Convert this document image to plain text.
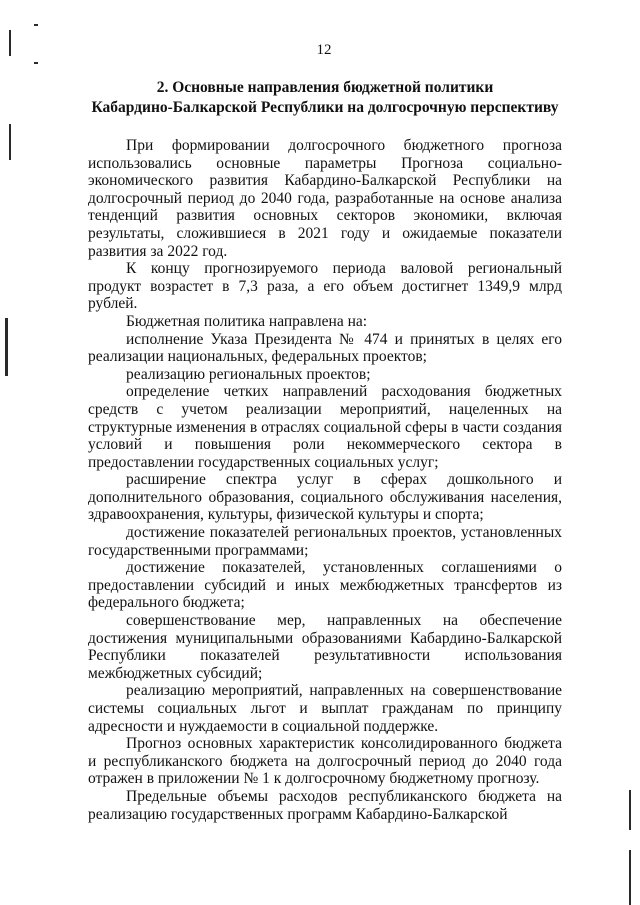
12
2. Основные направления бюджетной политики
Кабардино-Балкарской Республики на долгосрочную перспективу

При формировании долгосрочного бюджетного прогноза использовались основные параметры Прогноза социально-экономического развития Кабардино-Балкарской Республики на долгосрочный период до 2040 года, разработанные на основе анализа тенденций развития основных секторов экономики, включая результаты, сложившиеся в 2021 году и ожидаемые показатели развития за 2022 год.

К концу прогнозируемого периода валовой региональный продукт возрастет в 7,3 раза, а его объем достигнет 1349,9 млрд рублей.

Бюджетная политика направлена на:

исполнение Указа Президента № 474 и принятых в целях его реализации национальных, федеральных проектов;

реализацию региональных проектов;

определение четких направлений расходования бюджетных средств с учетом реализации мероприятий, нацеленных на структурные изменения в отраслях социальной сферы в части создания условий и повышения роли некоммерческого сектора в предоставлении государственных социальных услуг;

расширение спектра услуг в сферах дошкольного и дополнительного образования, социального обслуживания населения, здравоохранения, культуры, физической культуры и спорта;

достижение показателей региональных проектов, установленных государственными программами;

достижение показателей, установленных соглашениями о предоставлении субсидий и иных межбюджетных трансфертов из федерального бюджета;

совершенствование мер, направленных на обеспечение достижения муниципальными образованиями Кабардино-Балкарской Республики показателей результативности использования межбюджетных субсидий;

реализацию мероприятий, направленных на совершенствование системы социальных льгот и выплат гражданам по принципу адресности и нуждаемости в социальной поддержке.

Прогноз основных характеристик консолидированного бюджета и республиканского бюджета на долгосрочный период до 2040 года отражен в приложении № 1 к долгосрочному бюджетному прогнозу.

Предельные объемы расходов республиканского бюджета на реализацию государственных программ Кабардино-Балкарской
